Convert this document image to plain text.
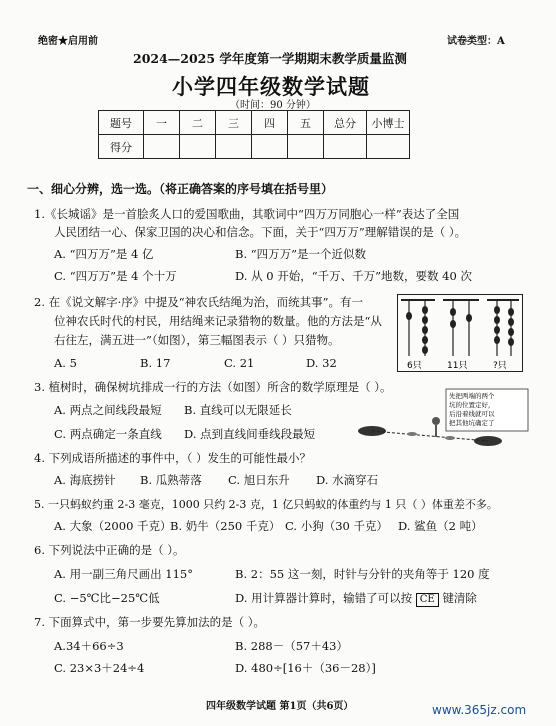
绝密★启用前	试卷类型：A
2024—2025 学年度第一学期期末教学质量监测
小学四年级数学试题
（时间：90 分钟）
题号	一	二	三	四	五	总分	小博士
得分							
一、细心分辨，选一选。（将正确答案的序号填在括号里）
1.《长城谣》是一首脍炙人口的爱国歌曲，其歌词中“四万万同胞心一样”表达了全国
人民团结一心、保家卫国的决心和信念。下面，关于“四万万”理解错误的是（ ）。
A. “四万万”是 4 亿	B. “四万万”是一个近似数
C. “四万万”是 4 个十万	D. 从 0 开始，“千万、千万”地数，要数 40 次
2. 在《说文解字·序》中提及“神农氏结绳为治，而统其事”。有一
位神农氏时代的村民，用结绳来记录猎物的数量。他的方法是“从
右往左，满五进一”（如图），第三幅图表示（ ）只猎物。
A. 5	B. 17	C. 21	D. 32	6只	11只	?只
3. 植树时，确保树坑排成一行的方法（如图）所含的数学原理是（ ）。
A. 两点之间线段最短 B. 直线可以无限延长
C. 两点确定一条直线 D. 点到直线间垂线段最短
先把两端的两个
坑的位置定好，
后沿着线就可以
把其他坑确定了
4. 下列成语所描述的事件中，（ ）发生的可能性最小？
A. 海底捞针 B. 瓜熟蒂落 C. 旭日东升 D. 水滴穿石
5. 一只蚂蚁约重 2-3 毫克，1000 只约 2-3 克，1 亿只蚂蚁的体重约与 1 只（ ）体重差不多。
A. 大象（2000 千克）
B. 奶牛（250 千克） C. 小狗（30 千克） D. 鲨鱼（2 吨）
6. 下列说法中正确的是（ ）。
A. 用一副三角尺画出 115°	B. 2：55 这一刻，时针与分针的夹角等于 120 度
C. −5℃比−25℃低	D. 用计算器计算时，输错了可以按 CE 键清除
7. 下面算式中，第一步要先算加法的是（ ）。
A.34＋66÷3	B. 288－（57＋43）
C. 23×3＋24÷4	D. 480÷[16＋（36－28）]
四年级数学试题 第1页（共6页）	www.365jz.com
